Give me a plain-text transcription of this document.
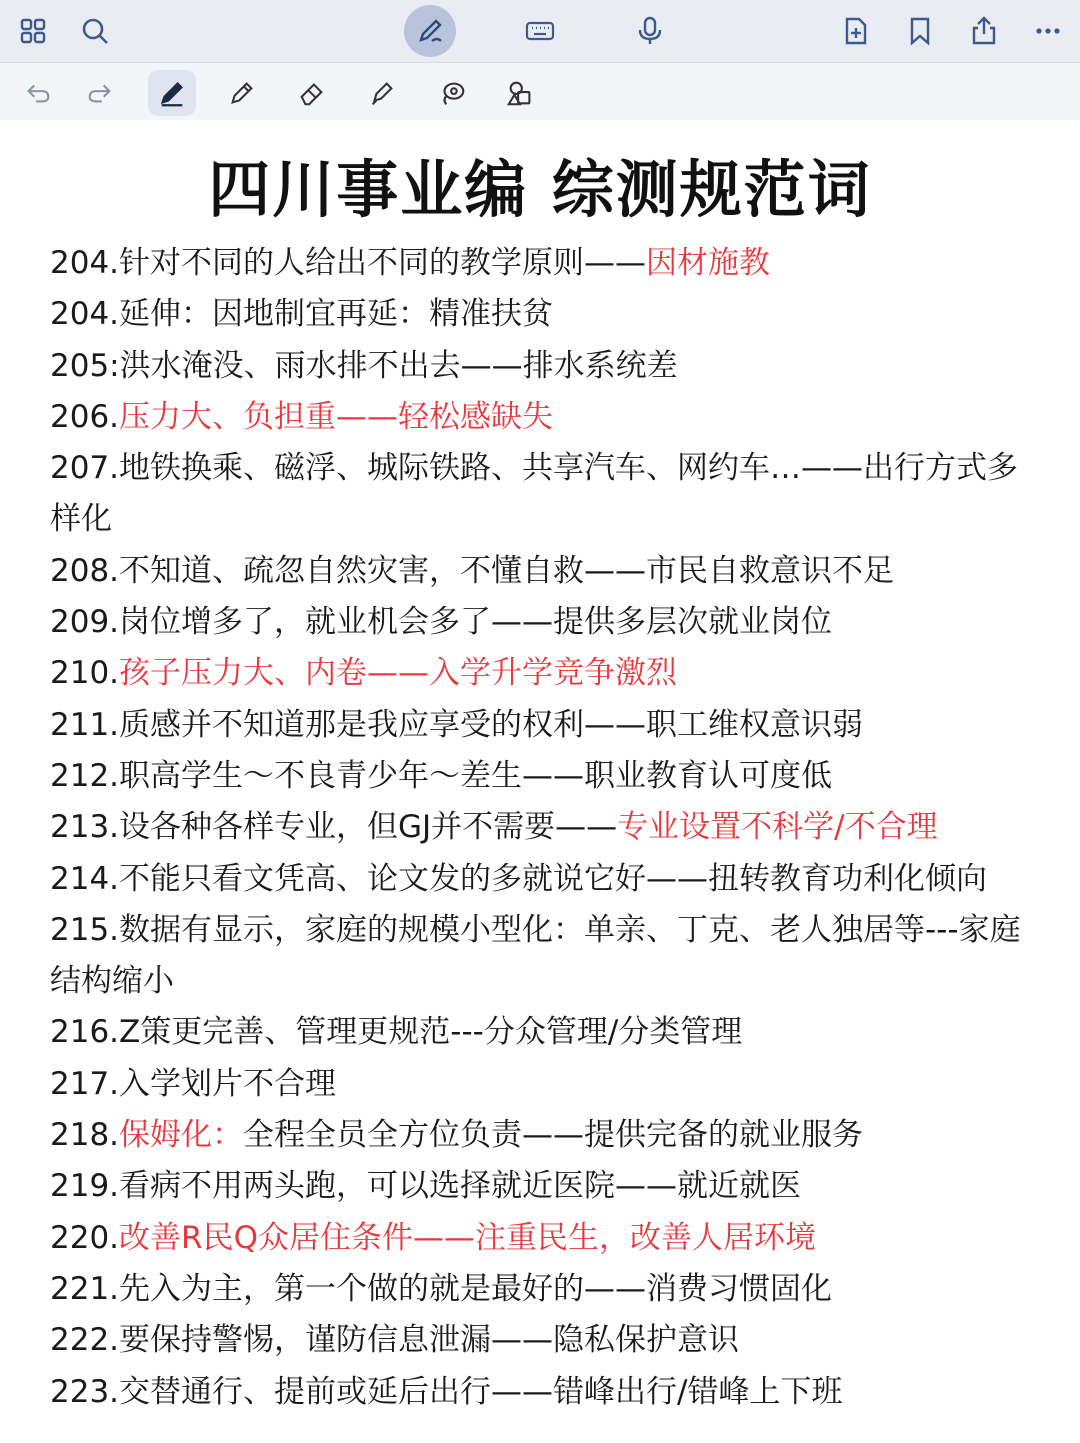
四川事业编 综测规范词
204.针对不同的人给出不同的教学原则——因材施教
204.延伸：因地制宜再延：精准扶贫
205:洪水淹没、雨水排不出去——排水系统差
206.压力大、负担重——轻松感缺失
207.地铁换乘、磁浮、城际铁路、共享汽车、网约车…——出行方式多样化
208.不知道、疏忽自然灾害，不懂自救——市民自救意识不足
209.岗位增多了，就业机会多了——提供多层次就业岗位
210.孩子压力大、内卷——入学升学竞争激烈
211.质感并不知道那是我应享受的权利——职工维权意识弱
212.职高学生～不良青少年～差生——职业教育认可度低
213.设各种各样专业，但GJ并不需要——专业设置不科学/不合理
214.不能只看文凭高、论文发的多就说它好——扭转教育功利化倾向
215.数据有显示，家庭的规模小型化：单亲、丁克、老人独居等---家庭结构缩小
216.Z策更完善、管理更规范---分众管理/分类管理
217.入学划片不合理
218.保姆化：全程全员全方位负责——提供完备的就业服务
219.看病不用两头跑，可以选择就近医院——就近就医
220.改善R民Q众居住条件——注重民生，改善人居环境
221.先入为主，第一个做的就是最好的——消费习惯固化
222.要保持警惕，谨防信息泄漏——隐私保护意识
223.交替通行、提前或延后出行——错峰出行/错峰上下班
